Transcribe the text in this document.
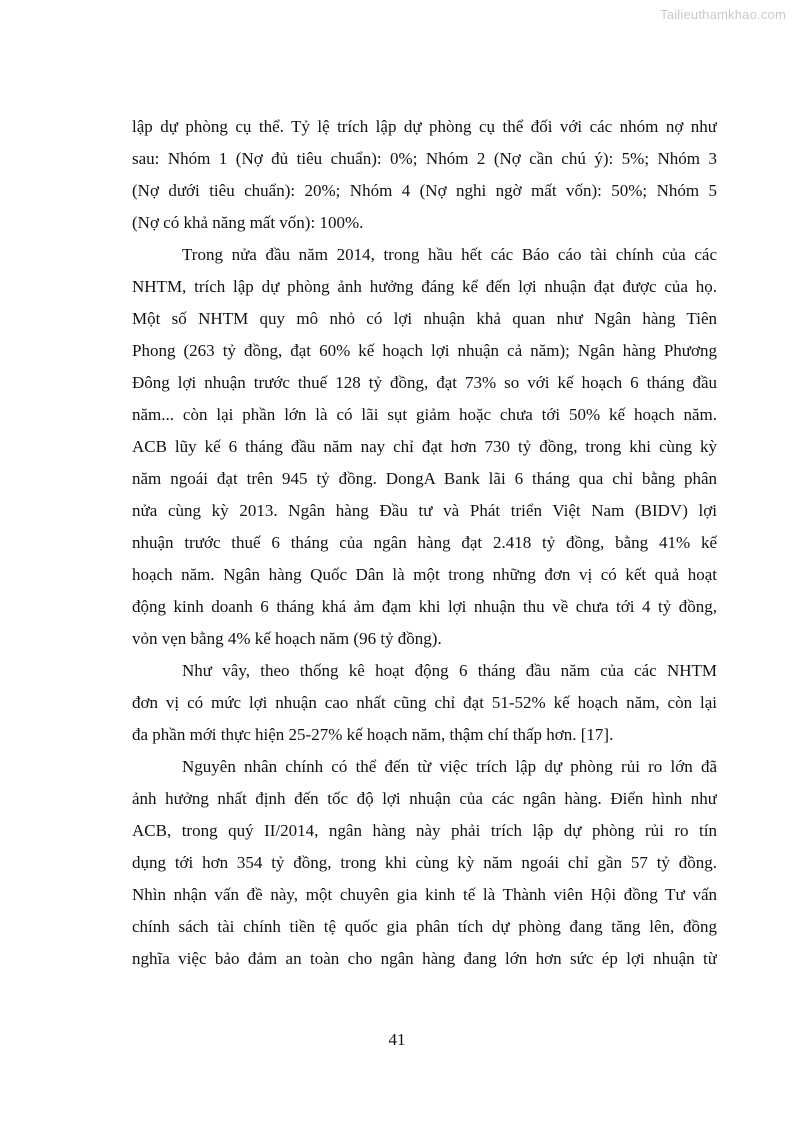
Tailieuthamkhao.com

lập dự phòng cụ thể. Tỷ lệ trích lập dự phòng cụ thể đối với các nhóm nợ như
sau: Nhóm 1 (Nợ đủ tiêu chuẩn): 0%; Nhóm 2 (Nợ cần chú ý): 5%; Nhóm 3
(Nợ dưới tiêu chuẩn): 20%; Nhóm 4 (Nợ nghi ngờ mất vốn): 50%; Nhóm 5
(Nợ có khả năng mất vốn): 100%.

Trong nửa đầu năm 2014, trong hầu hết các Báo cáo tài chính của các
NHTM, trích lập dự phòng ảnh hưởng đáng kể đến lợi nhuận đạt được của họ.
Một số NHTM quy mô nhỏ có lợi nhuận khả quan như Ngân hàng Tiên
Phong (263 tỷ đồng, đạt 60% kế hoạch lợi nhuận cả năm); Ngân hàng Phương
Đông lợi nhuận trước thuế 128 tỷ đồng, đạt 73% so với kế hoạch 6 tháng đầu
năm... còn lại phần lớn là có lãi sụt giảm hoặc chưa tới 50% kế hoạch năm.
ACB lũy kế 6 tháng đầu năm nay chỉ đạt hơn 730 tỷ đồng, trong khi cùng kỳ
năm ngoái đạt trên 945 tỷ đồng. DongA Bank lãi 6 tháng qua chỉ bằng phân
nửa cùng kỳ 2013. Ngân hàng Đầu tư và Phát triển Việt Nam (BIDV) lợi
nhuận trước thuế 6 tháng của ngân hàng đạt 2.418 tỷ đồng, bằng 41% kế
hoạch năm. Ngân hàng Quốc Dân là một trong những đơn vị có kết quả hoạt
động kinh doanh 6 tháng khá ảm đạm khi lợi nhuận thu về chưa tới 4 tỷ đồng,
vỏn vẹn bằng 4% kế hoạch năm (96 tỷ đồng).

Như vây, theo thống kê hoạt động 6 tháng đầu năm của các NHTM
đơn vị có mức lợi nhuận cao nhất cũng chỉ đạt 51-52% kế hoạch năm, còn lại
đa phần mới thực hiện 25-27% kế hoạch năm, thậm chí thấp hơn. [17].

Nguyên nhân chính có thể đến từ việc trích lập dự phòng rủi ro lớn đã
ảnh hưởng nhất định đến tốc độ lợi nhuận của các ngân hàng. Điển hình như
ACB, trong quý II/2014, ngân hàng này phải trích lập dự phòng rủi ro tín
dụng tới hơn 354 tỷ đồng, trong khi cùng kỳ năm ngoái chỉ gần 57 tỷ đồng.
Nhìn nhận vấn đề này, một chuyên gia kinh tế là Thành viên Hội đồng Tư vấn
chính sách tài chính tiền tệ quốc gia phân tích dự phòng đang tăng lên, đồng
nghĩa việc bảo đảm an toàn cho ngân hàng đang lớn hơn sức ép lợi nhuận từ

41
